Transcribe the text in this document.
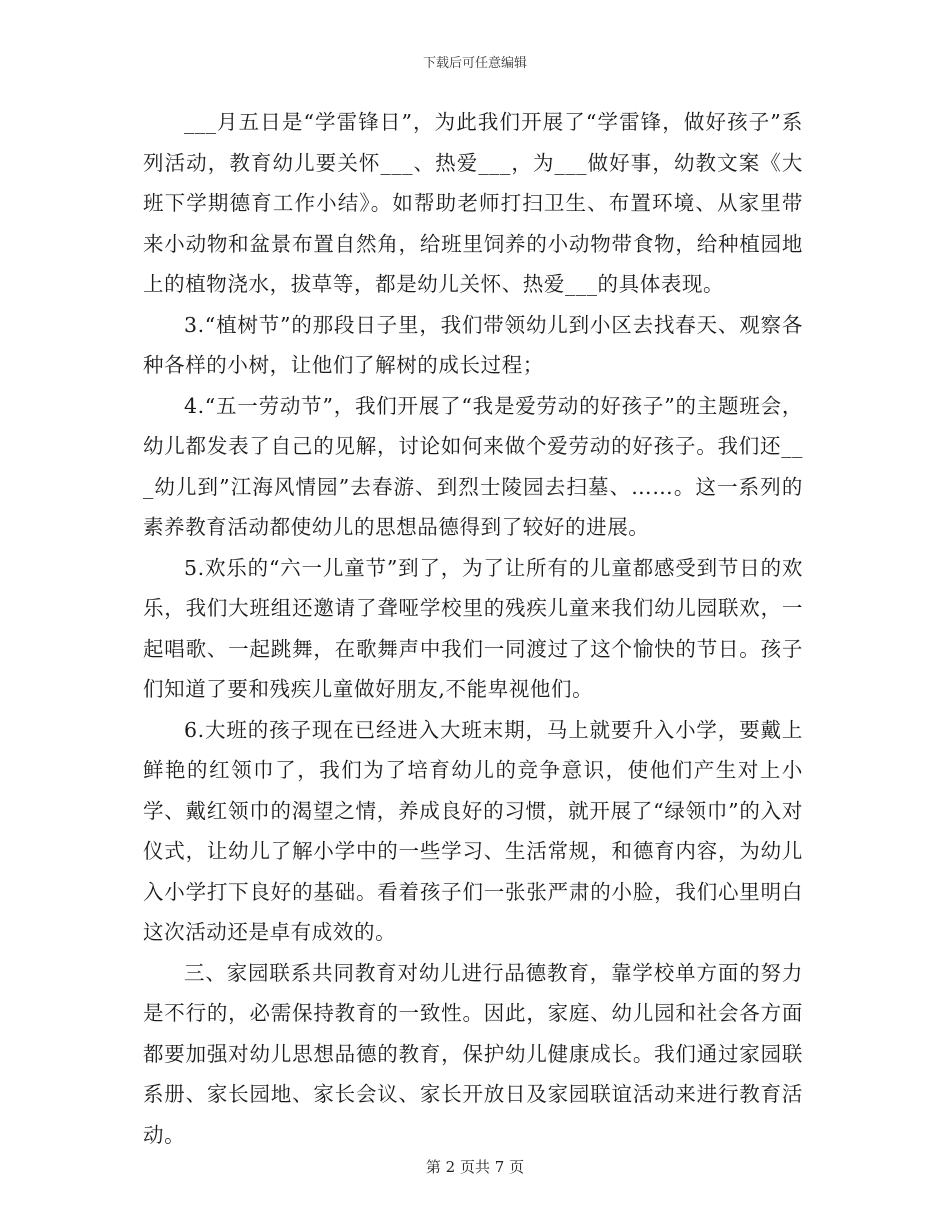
下载后可任意编辑

___月五日是“学雷锋日”，为此我们开展了“学雷锋，做好孩子”系列活动，教育幼儿要关怀___、热爱___，为___做好事，幼教文案《大班下学期德育工作小结》。如帮助老师打扫卫生、布置环境、从家里带来小动物和盆景布置自然角，给班里饲养的小动物带食物，给种植园地上的植物浇水，拔草等，都是幼儿关怀、热爱___的具体表现。

3.“植树节”的那段日子里，我们带领幼儿到小区去找春天、观察各种各样的小树，让他们了解树的成长过程；

4.“五一劳动节”，我们开展了“我是爱劳动的好孩子”的主题班会，幼儿都发表了自己的见解，讨论如何来做个爱劳动的好孩子。我们还___幼儿到”江海风情园”去春游、到烈士陵园去扫墓、……。这一系列的素养教育活动都使幼儿的思想品德得到了较好的进展。

5.欢乐的“六一儿童节”到了，为了让所有的儿童都感受到节日的欢乐，我们大班组还邀请了聋哑学校里的残疾儿童来我们幼儿园联欢，一起唱歌、一起跳舞，在歌舞声中我们一同渡过了这个愉快的节日。孩子们知道了要和残疾儿童做好朋友,不能卑视他们。

6.大班的孩子现在已经进入大班末期，马上就要升入小学，要戴上鲜艳的红领巾了，我们为了培育幼儿的竞争意识，使他们产生对上小学、戴红领巾的渴望之情，养成良好的习惯，就开展了“绿领巾”的入对仪式，让幼儿了解小学中的一些学习、生活常规，和德育内容，为幼儿入小学打下良好的基础。看着孩子们一张张严肃的小脸，我们心里明白这次活动还是卓有成效的。

三、家园联系共同教育对幼儿进行品德教育，靠学校单方面的努力是不行的，必需保持教育的一致性。因此，家庭、幼儿园和社会各方面都要加强对幼儿思想品德的教育，保护幼儿健康成长。我们通过家园联系册、家长园地、家长会议、家长开放日及家园联谊活动来进行教育活动。

第 2 页共 7 页
